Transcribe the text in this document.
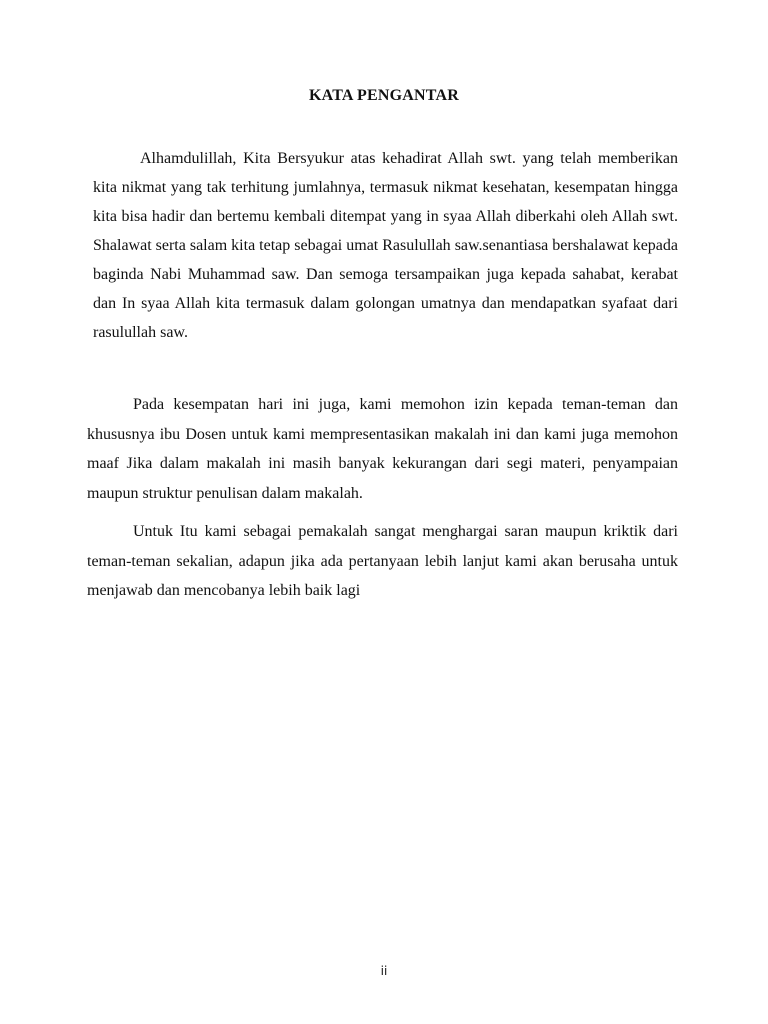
KATA PENGANTAR

Alhamdulillah, Kita Bersyukur atas kehadirat Allah swt. yang telah memberikan kita nikmat yang tak terhitung jumlahnya, termasuk nikmat kesehatan, kesempatan hingga kita bisa hadir dan bertemu kembali ditempat yang in syaa Allah diberkahi oleh Allah swt. Shalawat serta salam kita tetap sebagai umat Rasulullah saw.senantiasa bershalawat kepada baginda Nabi Muhammad saw. Dan semoga tersampaikan juga kepada sahabat, kerabat dan In syaa Allah kita termasuk dalam golongan umatnya dan mendapatkan syafaat dari rasulullah saw.

Pada kesempatan hari ini juga, kami memohon izin kepada teman-teman dan khususnya ibu Dosen untuk kami mempresentasikan makalah ini dan kami juga memohon maaf Jika dalam makalah ini masih banyak kekurangan dari segi materi, penyampaian maupun struktur penulisan dalam makalah.

Untuk Itu kami sebagai pemakalah sangat menghargai saran maupun kriktik dari teman-teman sekalian, adapun jika ada pertanyaan lebih lanjut kami akan berusaha untuk menjawab dan mencobanya lebih baik lagi

ii
